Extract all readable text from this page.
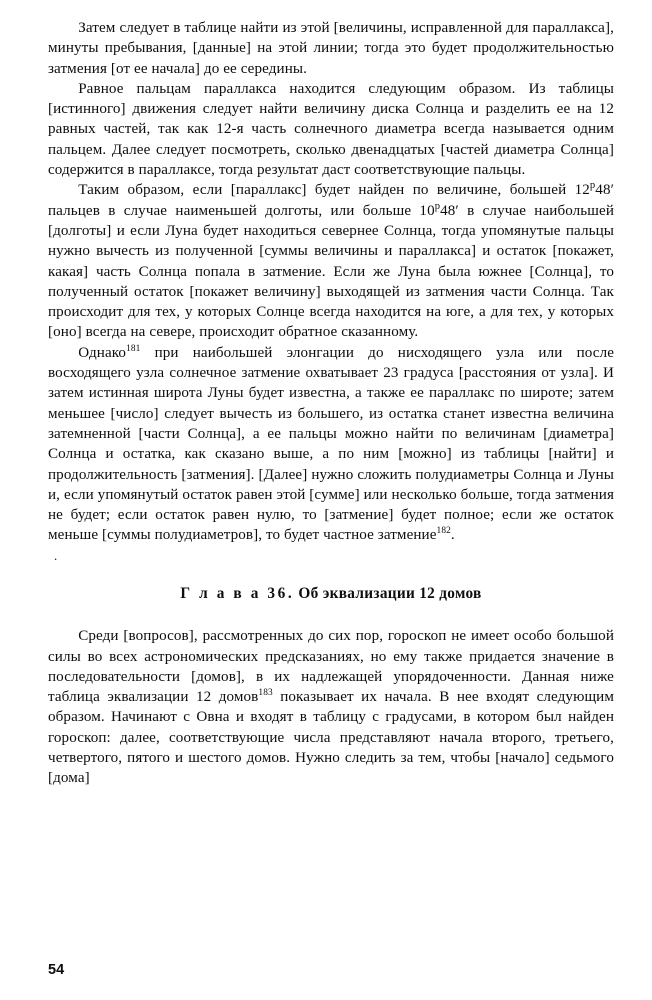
Затем следует в таблице найти из этой [величины, исправленной для параллакса], минуты пребывания, [данные] на этой линии; тогда это будет продолжительностью затмения [от ее начала] до ее середины.

Равное пальцам параллакса находится следующим образом. Из таблицы [истинного] движения следует найти величину диска Солнца и разделить ее на 12 равных частей, так как 12-я часть солнечного диаметра всегда называется одним пальцем. Далее следует посмотреть, сколько двенадцатых [частей диаметра Солнца] содержится в параллаксе, тогда результат даст соответствующие пальцы.

Таким образом, если [параллакс] будет найден по величине, большей 12$^p$48′ пальцев в случае наименьшей долготы, или больше 10$^p$48′ в случае наибольшей [долготы] и если Луна будет находиться севернее Солнца, тогда упомянутые пальцы нужно вычесть из полученной [суммы величины и параллакса] и остаток [покажет, какая] часть Солнца попала в затмение. Если же Луна была южнее [Солнца], то полученный остаток [покажет величину] выходящей из затмения части Солнца. Так происходит для тех, у которых Солнце всегда находится на юге, а для тех, у которых [оно] всегда на севере, происходит обратное сказанному.

Однако$^{181}$ при наибольшей элонгации до нисходящего узла или после восходящего узла солнечное затмение охватывает 23 градуса [расстояния от узла]. И затем истинная широта Луны будет известна, а также ее параллакс по широте; затем меньшее [число] следует вычесть из большего, из остатка станет известна величина затемненной [части Солнца], а ее пальцы можно найти по величинам [диаметра] Солнца и остатка, как сказано выше, а по ним [можно] из таблицы [найти] и продолжительность [затмения]. [Далее] нужно сложить полудиаметры Солнца и Луны и, если упомянутый остаток равен этой [сумме] или несколько больше, тогда затмения не будет; если остаток равен нулю, то [затмение] будет полное; если же остаток меньше [суммы полудиаметров], то будет частное затмение$^{182}$.

.
Г л а в а 36. Об эквализации 12 домов

Среди [вопросов], рассмотренных до сих пор, гороскоп не имеет особо большой силы во всех астрономических предсказаниях, но ему также придается значение в последовательности [домов], в их надлежащей упорядоченности. Данная ниже таблица эквализации 12 домов$^{183}$ показывает их начала. В нее входят следующим образом. Начинают с Овна и входят в таблицу с градусами, в котором был найден гороскоп: далее, соответствующие числа представляют начала второго, третьего, четвертого, пятого и шестого домов. Нужно следить за тем, чтобы [начало] седьмого [дома]

54
